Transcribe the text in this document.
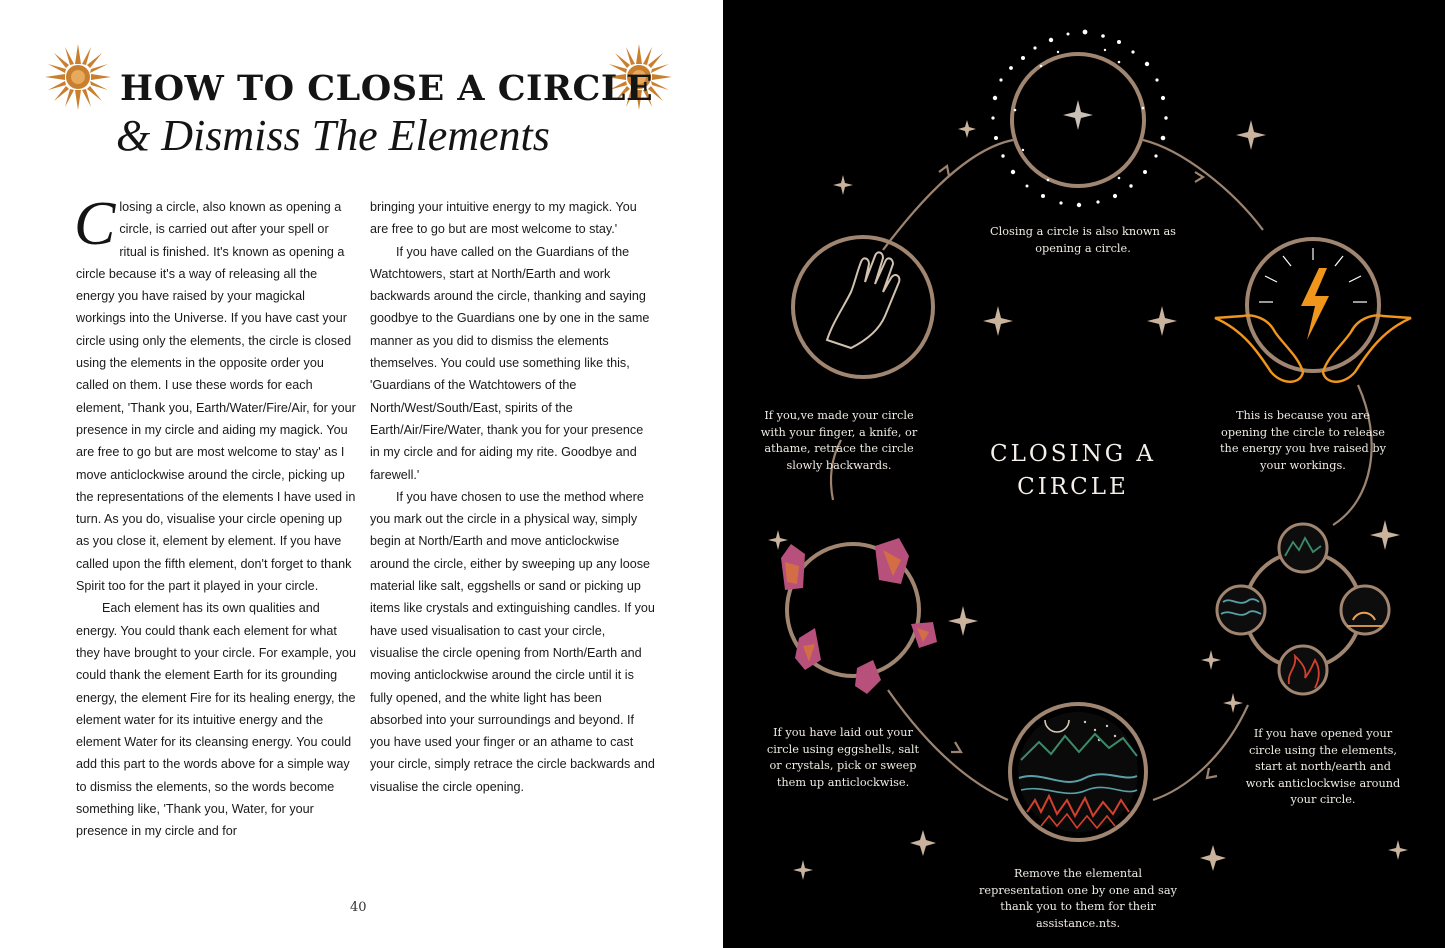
HOW TO CLOSE A CIRCLE
& Dismiss The Elements

Closing a circle, also known as opening a circle, is carried out after your spell or ritual is finished. It's known as opening a circle because it's a way of releasing all the energy you have raised by your magickal workings into the Universe. If you have cast your circle using only the elements, the circle is closed using the elements in the opposite order you called on them. I use these words for each element, 'Thank you, Earth/Water/Fire/Air, for your presence in my circle and aiding my magick. You are free to go but are most welcome to stay' as I move anticlockwise around the circle, picking up the representations of the elements I have used in turn. As you do, visualise your circle opening up as you close it, element by element. If you have called upon the fifth element, don't forget to thank Spirit too for the part it played in your circle.

Each element has its own qualities and energy. You could thank each element for what they have brought to your circle. For example, you could thank the element Earth for its grounding energy, the element Fire for its healing energy, the element water for its intuitive energy and the element Water for its cleansing energy. You could add this part to the words above for a simple way to dismiss the elements, so the words become something like, 'Thank you, Water, for your presence in my circle and for

bringing your intuitive energy to my magick. You are free to go but are most welcome to stay.'

If you have called on the Guardians of the Watchtowers, start at North/Earth and work backwards around the circle, thanking and saying goodbye to the Guardians one by one in the same manner as you did to dismiss the elements themselves. You could use something like this, 'Guardians of the Watchtowers of the North/West/South/East, spirits of the Earth/Air/Fire/Water, thank you for your presence in my circle and for aiding my rite. Goodbye and farewell.'

If you have chosen to use the method where you mark out the circle in a physical way, simply begin at North/Earth and move anticlockwise around the circle, either by sweeping up any loose material like salt, eggshells or sand or picking up items like crystals and extinguishing candles. If you have used visualisation to cast your circle, visualise the circle opening from North/Earth and moving anticlockwise around the circle until it is fully opened, and the white light has been absorbed into your surroundings and beyond. If you have used your finger or an athame to cast your circle, simply retrace the circle backwards and visualise the circle opening.

40
Closing a circle is also known as opening a circle.
This is because you are opening the circle to release the energy you hve raised by your workings.
If you have opened your circle using the elements, start at north/earth and work anticlockwise around your circle.
Remove the elemental representation one by one and say thank you to them for their assistance.nts.
If you have laid out your circle using eggshells, salt or crystals, pick or sweep them up anticlockwise.
If you,ve made your circle with your finger, a knife, or athame, retrace the circle slowly backwards.	CLOSING A
CIRCLE
